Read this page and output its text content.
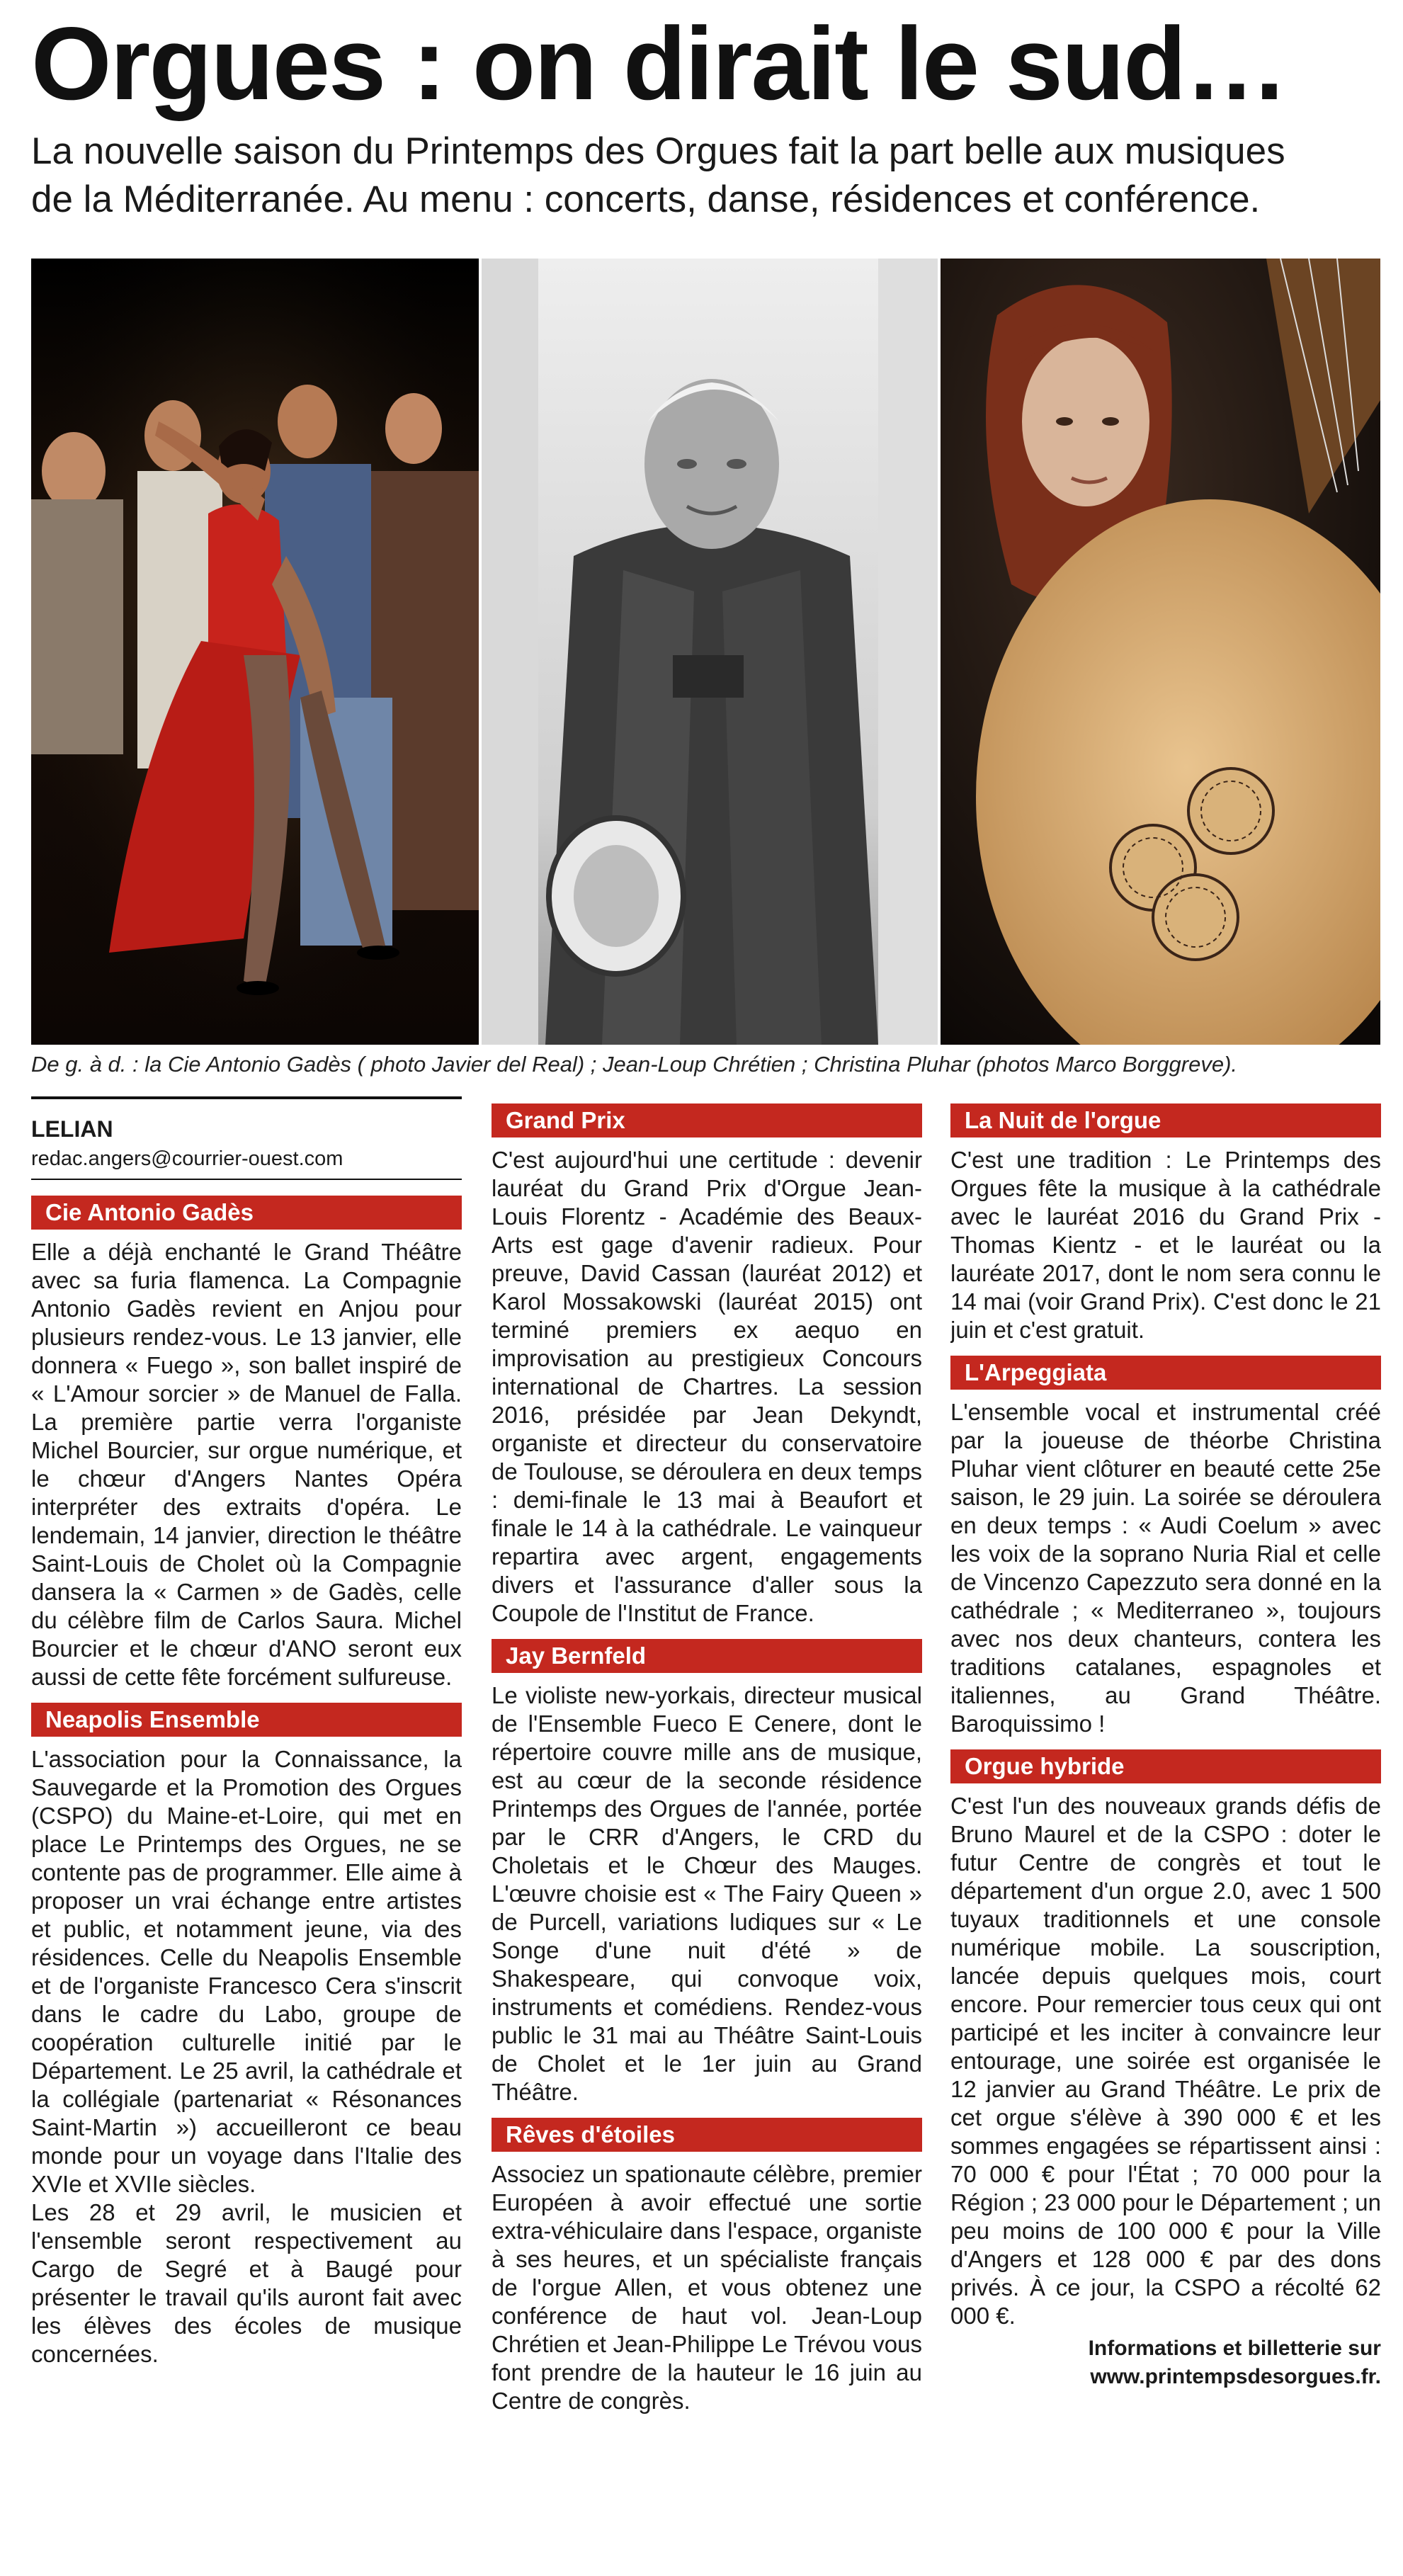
Orgues : on dirait le sud…
La nouvelle saison du Printemps des Orgues fait la part belle aux musiques
de la Méditerranée. Au menu : concerts, danse, résidences et conférence.
De g. à d. : la Cie Antonio Gadès ( photo Javier del Real) ; Jean-Loup Chrétien ; Christina Pluhar (photos Marco Borggreve).
LELIAN
redac.angers@courrier-ouest.com
Cie Antonio Gadès

Elle a déjà enchanté le Grand Théâtre avec sa furia flamenca. La Compagnie Antonio Gadès revient en Anjou pour plusieurs rendez-vous. Le 13 janvier, elle donnera « Fuego », son ballet inspiré de « L'Amour sorcier » de Manuel de Falla. La première partie verra l'organiste Michel Bourcier, sur orgue numérique, et le chœur d'Angers Nantes Opéra interpréter des extraits d'opéra. Le lendemain, 14 janvier, direction le théâtre Saint-Louis de Cholet où la Compagnie dansera la « Carmen » de Gadès, celle du célèbre film de Carlos Saura. Michel Bourcier et le chœur d'ANO seront eux aussi de cette fête forcément sulfureuse.

Neapolis Ensemble

L'association pour la Connaissance, la Sauvegarde et la Promotion des Orgues (CSPO) du Maine-et-Loire, qui met en place Le Printemps des Orgues, ne se contente pas de programmer. Elle aime à proposer un vrai échange entre artistes et public, et notamment jeune, via des résidences. Celle du Neapolis Ensemble et de l'organiste Francesco Cera s'inscrit dans le cadre du Labo, groupe de coopération culturelle initié par le Département. Le 25 avril, la cathédrale et la collégiale (partenariat « Résonances Saint-Martin ») accueilleront ce beau monde pour un voyage dans l'Italie des XVIe et XVIIe siècles.

Les 28 et 29 avril, le musicien et l'ensemble seront respectivement au Cargo de Segré et à Baugé pour présenter le travail qu'ils auront fait avec les élèves des écoles de musique concernées.

Grand Prix

C'est aujourd'hui une certitude : devenir lauréat du Grand Prix d'Orgue Jean-Louis Florentz - Académie des Beaux-Arts est gage d'avenir radieux. Pour preuve, David Cassan (lauréat 2012) et Karol Mossakowski (lauréat 2015) ont terminé premiers ex aequo en improvisation au prestigieux Concours international de Chartres. La session 2016, présidée par Jean Dekyndt, organiste et directeur du conservatoire de Toulouse, se déroulera en deux temps : demi-finale le 13 mai à Beaufort et finale le 14 à la cathédrale. Le vainqueur repartira avec argent, engagements divers et l'assurance d'aller sous la Coupole de l'Institut de France.

Jay Bernfeld

Le violiste new-yorkais, directeur musical de l'Ensemble Fueco E Cenere, dont le répertoire couvre mille ans de musique, est au cœur de la seconde résidence Printemps des Orgues de l'année, portée par le CRR d'Angers, le CRD du Choletais et le Chœur des Mauges. L'œuvre choisie est « The Fairy Queen » de Purcell, variations ludiques sur « Le Songe d'une nuit d'été » de Shakespeare, qui convoque voix, instruments et comédiens. Rendez-vous public le 31 mai au Théâtre Saint-Louis de Cholet et le 1er juin au Grand Théâtre.

Rêves d'étoiles

Associez un spationaute célèbre, premier Européen à avoir effectué une sortie extra-véhiculaire dans l'espace, organiste à ses heures, et un spécialiste français de l'orgue Allen, et vous obtenez une conférence de haut vol. Jean-Loup Chrétien et Jean-Philippe Le Trévou vous font prendre de la hauteur le 16 juin au Centre de congrès.

La Nuit de l'orgue

C'est une tradition : Le Printemps des Orgues fête la musique à la cathédrale avec le lauréat 2016 du Grand Prix - Thomas Kientz - et le lauréat ou la lauréate 2017, dont le nom sera connu le 14 mai (voir Grand Prix). C'est donc le 21 juin et c'est gratuit.

L'Arpeggiata

L'ensemble vocal et instrumental créé par la joueuse de théorbe Christina Pluhar vient clôturer en beauté cette 25e saison, le 29 juin. La soirée se déroulera en deux temps : « Audi Coelum » avec les voix de la soprano Nuria Rial et celle de Vincenzo Capezzuto sera donné en la cathédrale ; « Mediterraneo », toujours avec nos deux chanteurs, contera les traditions catalanes, espagnoles et italiennes, au Grand Théâtre. Baroquissimo !

Orgue hybride

C'est l'un des nouveaux grands défis de Bruno Maurel et de la CSPO : doter le futur Centre de congrès et tout le département d'un orgue 2.0, avec 1 500 tuyaux traditionnels et une console numérique mobile. La souscription, lancée depuis quelques mois, court encore. Pour remercier tous ceux qui ont participé et les inciter à convaincre leur entourage, une soirée est organisée le 12 janvier au Grand Théâtre. Le prix de cet orgue s'élève à 390 000 € et les sommes engagées se répartissent ainsi : 70 000 € pour l'État ; 70 000 pour la Région ; 23 000 pour le Département ; un peu moins de 100 000 € pour la Ville d'Angers et 128 000 € par des dons privés. À ce jour, la CSPO a récolté 62 000 €.

Informations et billetterie sur
www.printempsdesorgues.fr.
